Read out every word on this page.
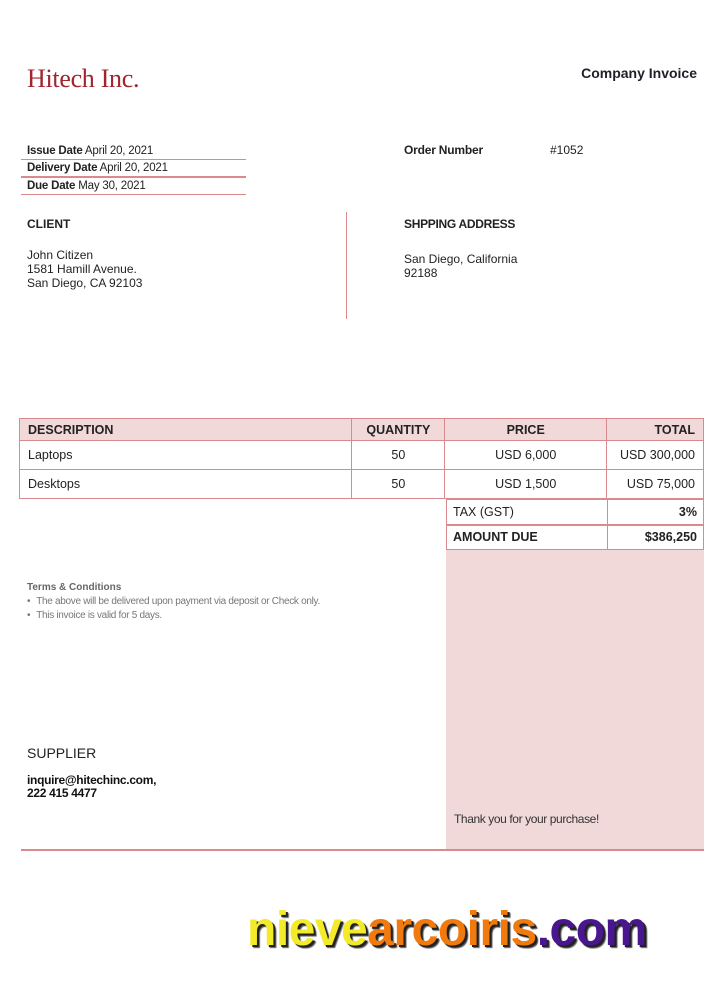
Hitech Inc.	Company Invoice
Issue Date April 20, 2021
Delivery Date April 20, 2021
Due Date May 30, 2021
Order Number	#1052
CLIENT
John Citizen
1581 Hamill Avenue.
San Diego, CA 92103
SHPPING ADDRESS
San Diego, California
92188
DESCRIPTION	QUANTITY	PRICE	TOTAL
Laptops	50	USD 6,000	USD 300,000
Desktops	50	USD 1,500	USD 75,000
TAX (GST)	3%
AMOUNT DUE	$386,250
Terms & Conditions
• The above will be delivered upon payment via deposit or Check only.
• This invoice is valid for 5 days.
SUPPLIER
inquire@hitechinc.com,
222 415 4477
Thank you for your purchase!
nievearcoiris.com
